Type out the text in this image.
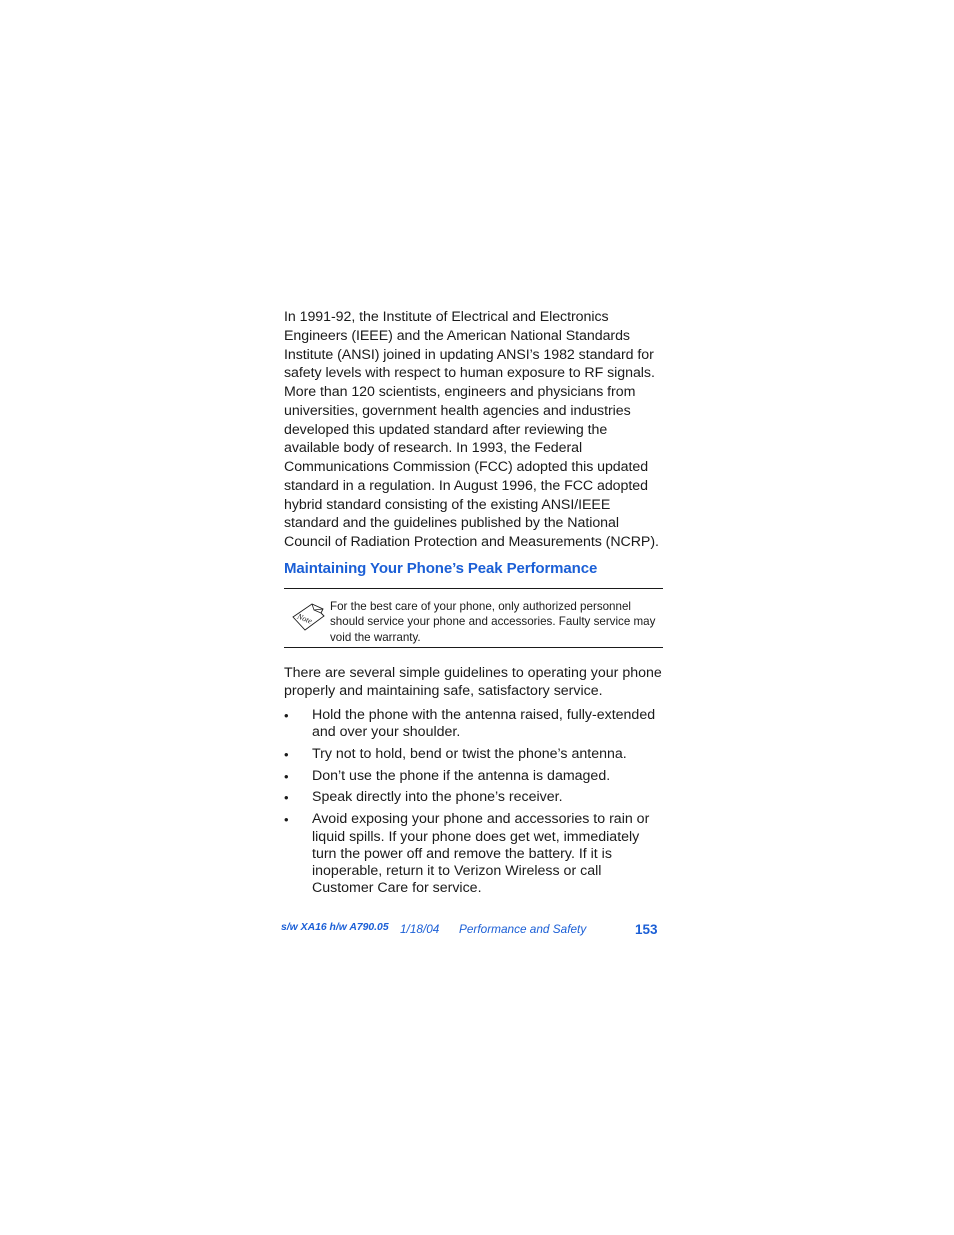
In 1991-92, the Institute of Electrical and Electronics Engineers (IEEE) and the American National Standards Institute (ANSI) joined in updating ANSI’s 1982 standard for safety levels with respect to human exposure to RF signals. More than 120 scientists, engineers and physicians from universities, government health agencies and industries developed this updated standard after reviewing the available body of research. In 1993, the Federal Communications Commission (FCC) adopted this updated standard in a regulation. In August 1996, the FCC adopted hybrid standard consisting of the existing ANSI/IEEE standard and the guidelines published by the National Council of Radiation Protection and Measurements (NCRP).

Maintaining Your Phone’s Peak Performance
Note

For the best care of your phone, only authorized personnel should service your phone and accessories. Faulty service may void the warranty.

There are several simple guidelines to operating your phone properly and maintaining safe, satisfactory service.

• Hold the phone with the antenna raised, fully-extended and over your shoulder.
• Try not to hold, bend or twist the phone’s antenna.
• Don’t use the phone if the antenna is damaged.
• Speak directly into the phone’s receiver.
• Avoid exposing your phone and accessories to rain or liquid spills. If your phone does get wet, immediately turn the power off and remove the battery. If it is inoperable, return it to Verizon Wireless or call Customer Care for service.
s/w XA16 h/w A790.05 1/18/04 Performance and Safety	153
